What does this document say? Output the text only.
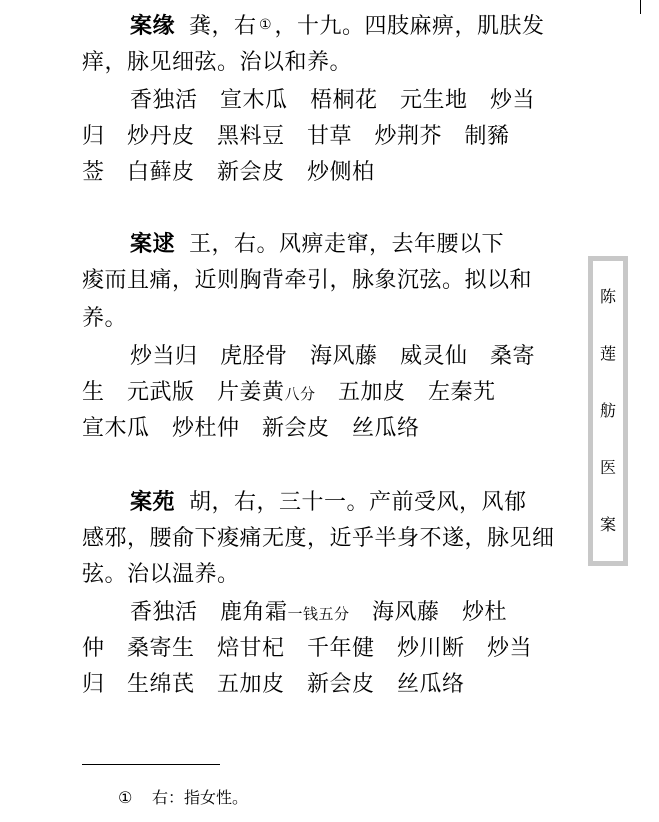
案缘 龚，右 ① ，十九。四肢麻痹，肌肤发
痒，脉见细弦。治以和养。
香独活　宣木瓜　梧桐花　元生地　炒当
归　炒丹皮　黑料豆　甘草　炒荆芥　制豨
莶　白藓皮　新会皮　炒侧柏
案逑 王，右。风痹走窜，去年腰以下
痠而且痛，近则胸背牵引，脉象沉弦。拟以和
养。
炒当归　虎胫骨　海风藤　威灵仙　桑寄
生　元武版　片姜黄八分　五加皮　左秦艽
宣木瓜　炒杜仲　新会皮　丝瓜络
案苑 胡，右，三十一。产前受风，风郁
感邪，腰俞下痠痛无度，近乎半身不遂，脉见细
弦。治以温养。
香独活　鹿角霜一钱五分　海风藤　炒杜
仲　桑寄生　焙甘杞　千年健　炒川断　炒当
归　生绵芪　五加皮　新会皮　丝瓜络
陈
莲
舫
医
案
① 右：指女性。
